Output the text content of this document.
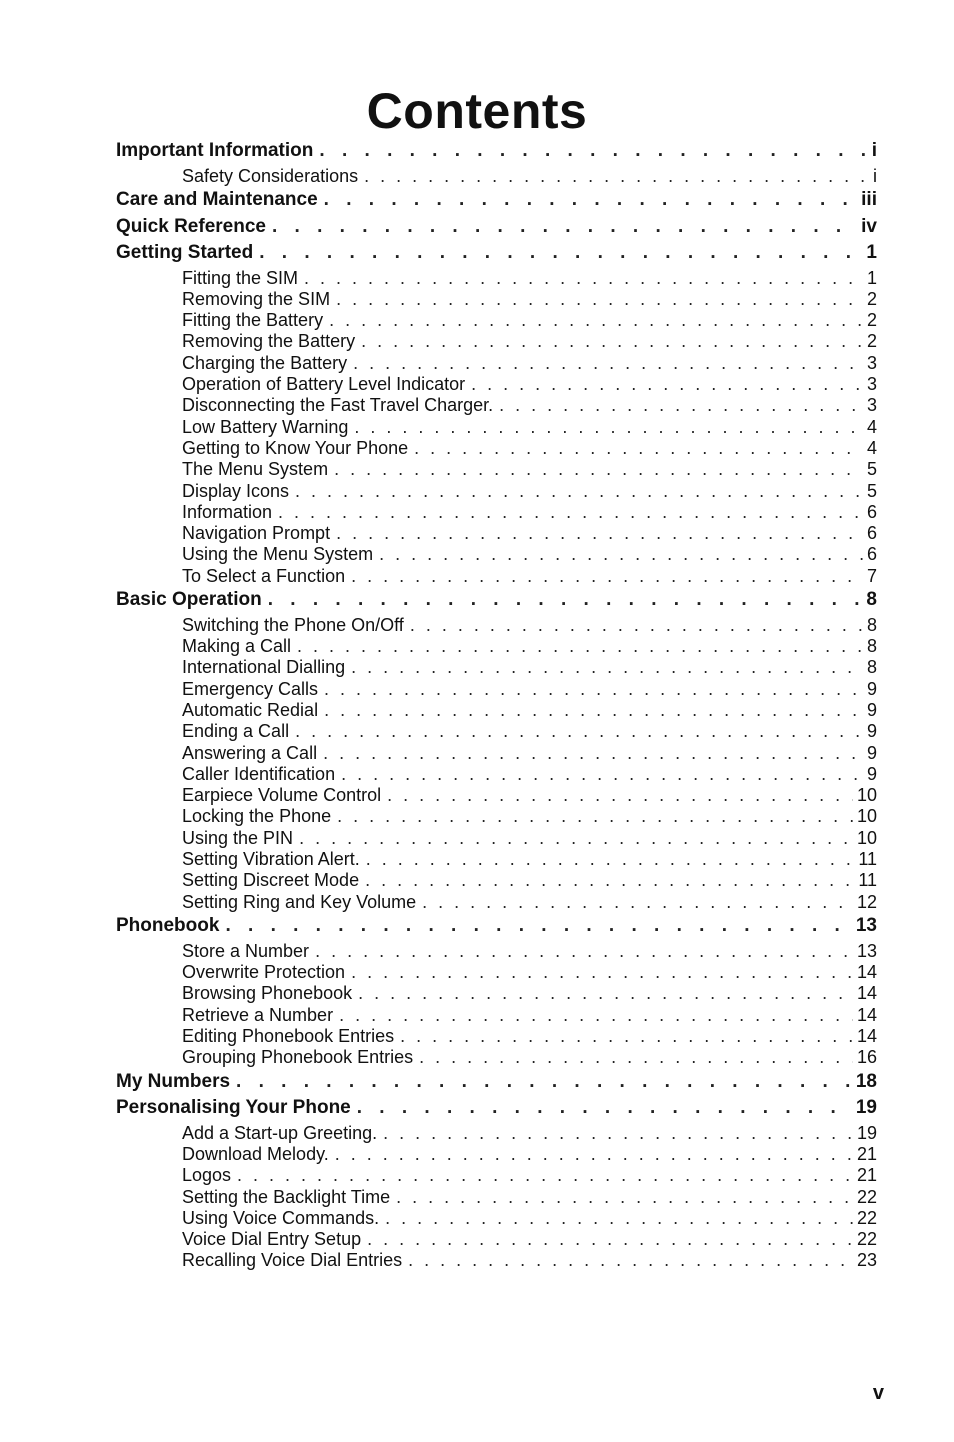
Contents
Important Information . . .	i
Safety Considerations . . .	i
Care and Maintenance . . .	iii
Quick Reference . . .	iv
Getting Started . . .	1
Fitting the SIM . . .	1
Removing the SIM . . .	2
Fitting the Battery . . .	2
Removing the Battery . . .	2
Charging the Battery . . .	3
Operation of Battery Level Indicator . . .	3
Disconnecting the Fast Travel Charger. . . .	3
Low Battery Warning . . .	4
Getting to Know Your Phone . . .	4
The Menu System . . .	5
Display Icons . . .	5
Information . . .	6
Navigation Prompt . . .	6
Using the Menu System . . .	6
To Select a Function . . .	7
Basic Operation . . .	8
Switching the Phone On/Off . . .	8
Making a Call . . .	8
International Dialling . . .	8
Emergency Calls . . .	9
Automatic Redial . . .	9
Ending a Call . . .	9
Answering a Call . . .	9
Caller Identification . . .	9
Earpiece Volume Control . . .	10
Locking the Phone . . .	10
Using the PIN . . .	10
Setting Vibration Alert. . . .	11
Setting Discreet Mode . . .	11
Setting Ring and Key Volume . . .	12
Phonebook . . .	13
Store a Number . . .	13
Overwrite Protection . . .	14
Browsing Phonebook . . .	14
Retrieve a Number . . .	14
Editing Phonebook Entries . . .	14
Grouping Phonebook Entries . . .	16
My Numbers . . .	18
Personalising Your Phone . . .	19
Add a Start-up Greeting. . . .	19
Download Melody. . . .	21
Logos . . .	21
Setting the Backlight Time . . .	22
Using Voice Commands. . . .	22
Voice Dial Entry Setup . . .	22
Recalling Voice Dial Entries . . .	23
v
